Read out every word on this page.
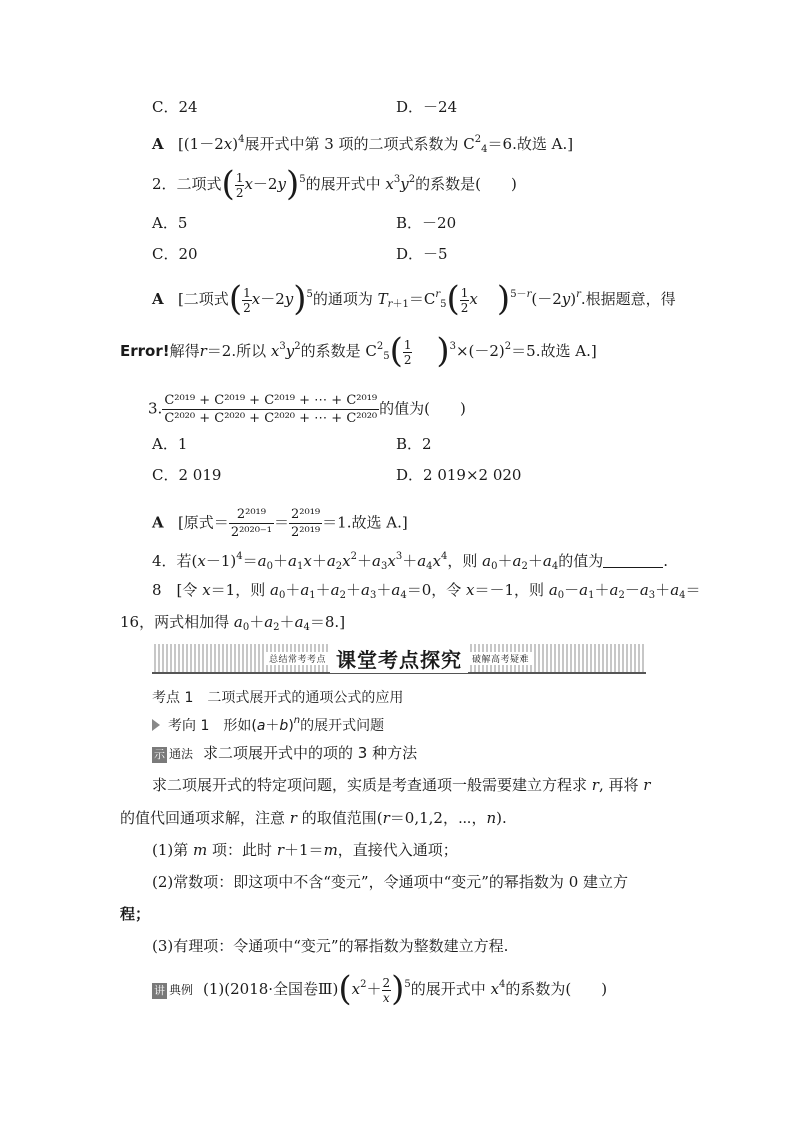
C．24	D．－24
A [$(1-2x)^4$展开式中第 3 项的二项式系数为 $C^2_4=6$.故选 A.]
2．二项式( $\frac{1}{2} x-2y)^5$的展开式中 $x^3y^2$的系数是(　　)
A．5	B．－20
C．20	D．－5
A [二项式( $\frac{1}{2} x-2y)^5$的通项为 $T_{r+1}=C^r_5( \frac{1}{2}$ x )$^{5-r}(-2y)^r$.根据题意，得
Error!解得r＝2.所以 $x^3y^2$的系数是 $C^2_5( \frac{1}{2} )^3\times(-2)^2=5$.故选 A.]
3. $\frac{\text{C²⁰¹⁹ + C²⁰¹⁹ + C²⁰¹⁹ + ⋯ + C²⁰¹⁹}}{\text{C²⁰²⁰ + C²⁰²⁰ + C²⁰²⁰ + ⋯ + C²⁰²⁰}}$ 的值为(　　)
A．1	B．2
C．2 019	D．2 019×2 020
A [原式＝ $\frac{\text{2²⁰¹⁹}}{\text{2²⁰²⁰⁻¹}} = \frac{\text{2²⁰¹⁹}}{\text{2²⁰¹⁹}} =1$.故选 A.]
4．若$(x-1)^4=a_0+a_1x+a_2x^2+a_3x^3+a_4x^4$，则 $a_0+a_2+a_4$的值为	.
8　[令 x＝1，则 $a_0+a_1+a_2+a_3+a_4=0$，令 x＝－1，则 $a_0-a_1+a_2-a_3+a_4=$
16，两式相加得 $a_0+a_2+a_4=8$.]
总结常考考点 课堂考点探究	破解高考疑难
考点 1　二项式展开式的通项公式的应用
考向 1　形如$(a+b)^n$的展开式问题
示 通法 求二项展开式中的项的 3 种方法
求二项展开式的特定项问题，实质是考查通项一般需要建立方程求 r, 再将 r
的值代回通项求解，注意 r 的取值范围(r＝0,1,2，⋯，n).
(1)第 m 项：此时 r＋1＝m，直接代入通项；
(2)常数项：即这项中不含“变元”，令通项中“变元”的幂指数为 0 建立方
程；
(3)有理项：令通项中“变元”的幂指数为整数建立方程.
讲 典例 (1)(2018·全国卷$Ⅲ)(x^2+ \frac{2}{x} )^5$的展开式中 $x^4$的系数为(　　)
